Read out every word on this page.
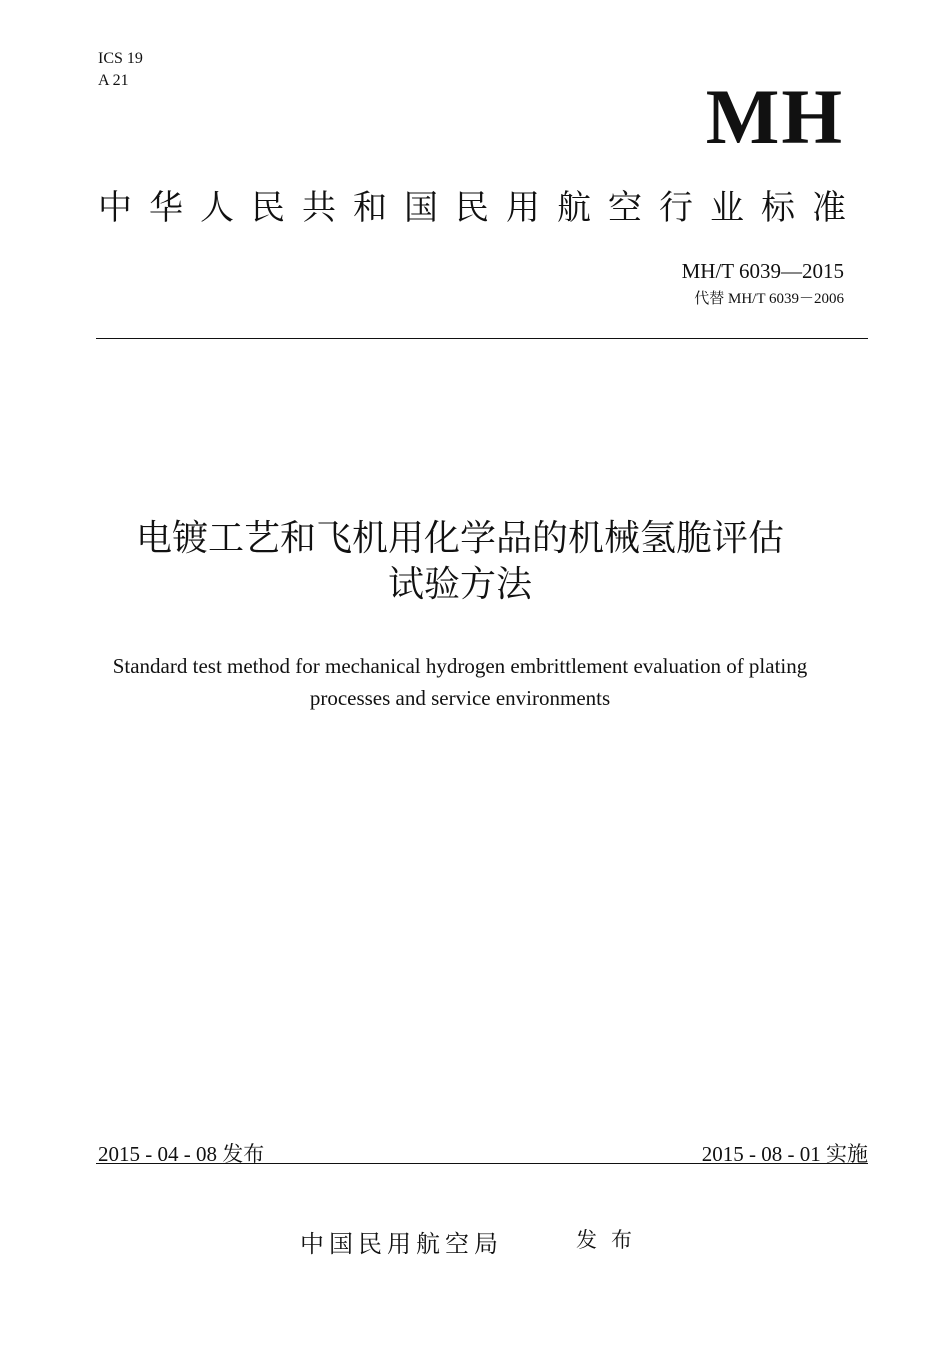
ICS 19
A 21	MH
中华人民共和国民用航空行业标准
MH/T 6039—2015
代替 MH/T 6039－2006
电镀工艺和飞机用化学品的机械氢脆评估
试验方法
Standard test method for mechanical hydrogen embrittlement evaluation of plating
processes and service environments
2015 - 04 - 08 发布	2015 - 08 - 01 实施
中国民用航空局	发布
